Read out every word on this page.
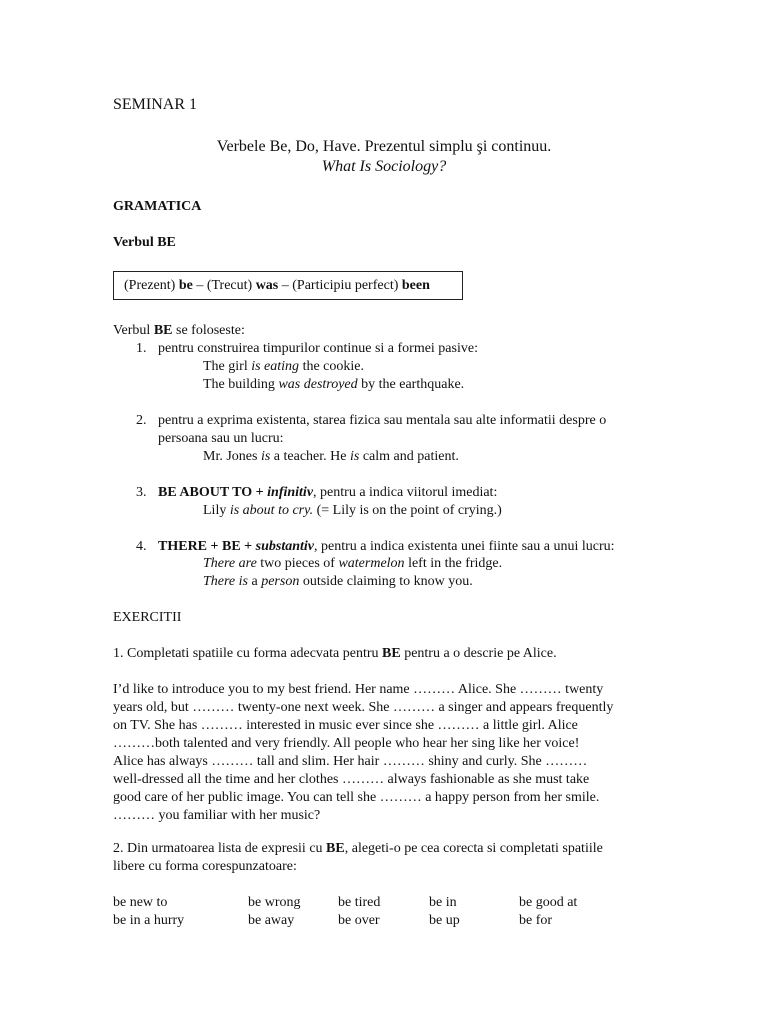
SEMINAR 1
Verbele Be, Do, Have. Prezentul simplu şi continuu.
What Is Sociology?
GRAMATICA
Verbul BE
(Prezent) be – (Trecut) was – (Participiu perfect) been
Verbul BE se foloseste:
1. pentru construirea timpurilor continue si a formei pasive:
The girl is eating the cookie.
The building was destroyed by the earthquake.
2. pentru a exprima existenta, starea fizica sau mentala sau alte informatii despre o
persoana sau un lucru:
Mr. Jones is a teacher. He is calm and patient.
3. BE ABOUT TO + infinitiv, pentru a indica viitorul imediat:
Lily is about to cry. (= Lily is on the point of crying.)
4. THERE + BE + substantiv, pentru a indica existenta unei fiinte sau a unui lucru:
There are two pieces of watermelon left in the fridge.
There is a person outside claiming to know you.
EXERCITII
1. Completati spatiile cu forma adecvata pentru BE pentru a o descrie pe Alice.
I’d like to introduce you to my best friend. Her name ……… Alice. She ……… twenty
years old, but ……… twenty-one next week. She ……… a singer and appears frequently
on TV. She has ……… interested in music ever since she ……… a little girl. Alice
………both talented and very friendly. All people who hear her sing like her voice!
Alice has always ……… tall and slim. Her hair ……… shiny and curly. She ………
well-dressed all the time and her clothes ……… always fashionable as she must take
good care of her public image. You can tell she ……… a happy person from her smile.
……… you familiar with her music?
2. Din urmatoarea lista de expresii cu BE, alegeti-o pe cea corecta si completati spatiile
libere cu forma corespunzatoare:
be new to	be wrong	be tired	be in	be good at
be in a hurry	be away	be over	be up	be for
